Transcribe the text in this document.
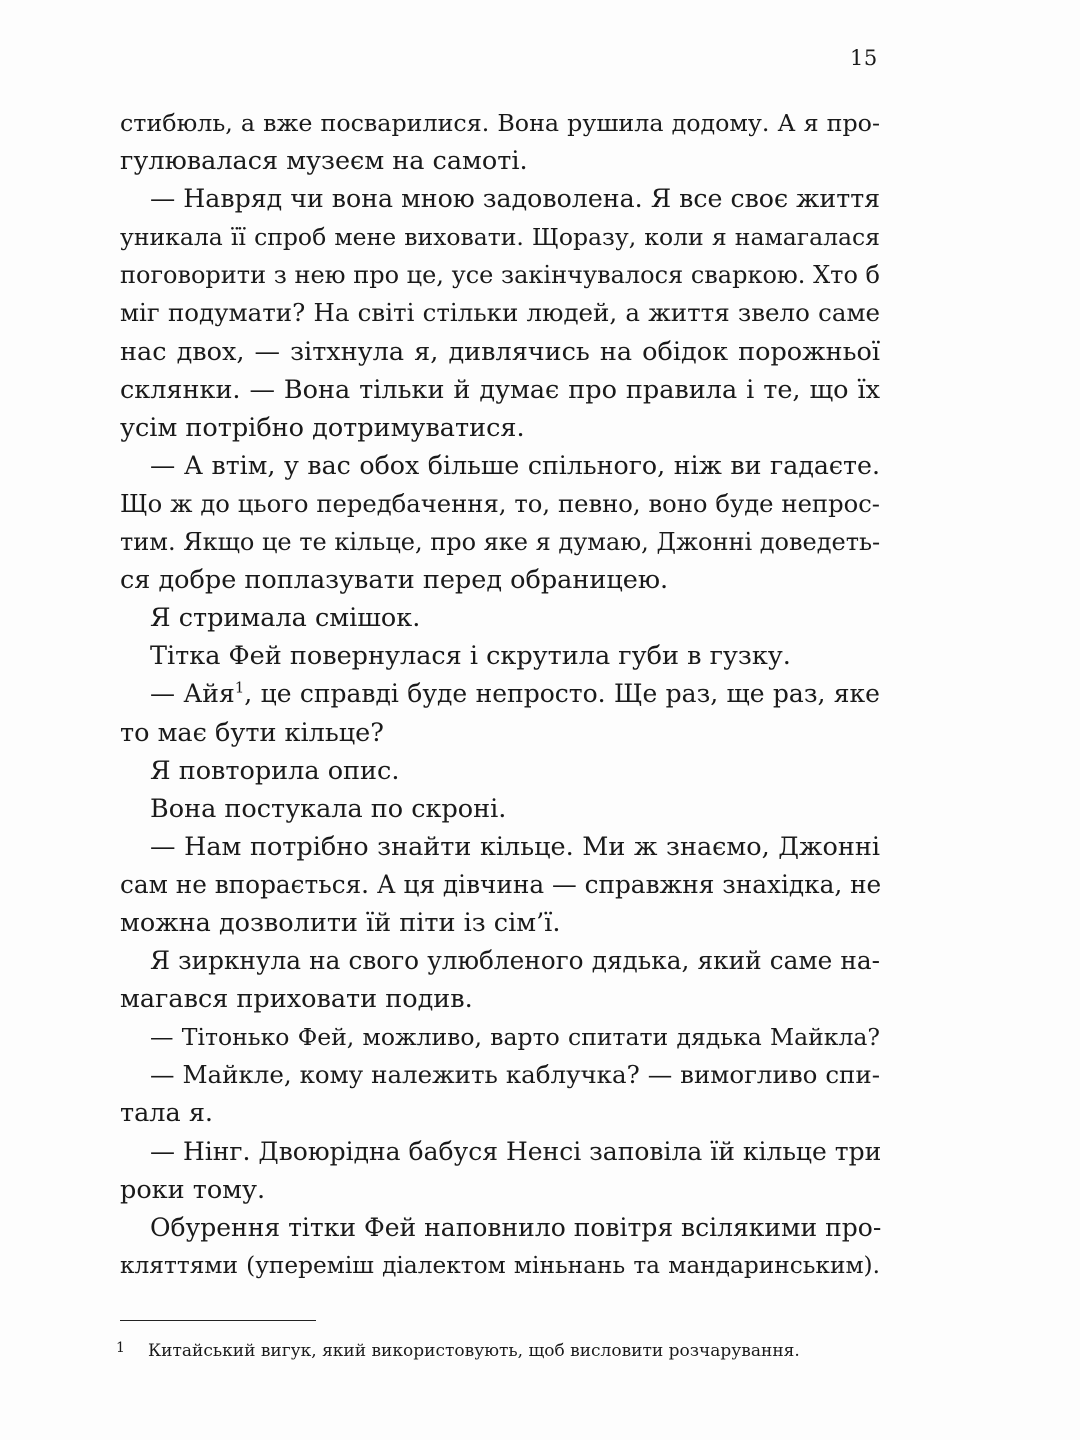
15
стибюль, а вже посварилися. Вона рушила додому. А я про-
гулювалася музеєм на самоті.
— Навряд чи вона мною задоволена. Я все своє життя
уникала її спроб мене виховати. Щоразу, коли я намагалася
поговорити з нею про це, усе закінчувалося сваркою. Хто б
міг подумати? На світі стільки людей, а життя звело саме
нас двох, — зітхнула я, дивлячись на обідок порожньої
склянки. — Вона тільки й думає про правила і те, що їх
усім потрібно дотримуватися.
— А втім, у вас обох більше спільного, ніж ви гадаєте.
Що ж до цього передбачення, то, певно, воно буде непрос-
тим. Якщо це те кільце, про яке я думаю, Джонні доведеть-
ся добре поплазувати перед обраницею.
Я стримала смішок.
Тітка Фей повернулася і скрутила губи в гузку.
— Айя$^1$, це справді буде непросто. Ще раз, ще раз, яке
то має бути кільце?
Я повторила опис.
Вона постукала по скроні.
— Нам потрібно знайти кільце. Ми ж знаємо, Джонні
сам не впорається. А ця дівчина — справжня знахідка, не
можна дозволити їй піти із сім’ї.
Я зиркнула на свого улюбленого дядька, який саме на-
магався приховати подив.
— Тітонько Фей, можливо, варто спитати дядька Майкла?
— Майкле, кому належить каблучка? — вимогливо спи-
тала я.
— Нінг. Двоюрідна бабуся Ненсі заповіла їй кільце три
роки тому.
Обурення тітки Фей наповнило повітря всілякими про-
кляттями (упереміш діалектом міньнань та мандаринським).
1 Китайський вигук, який використовують, щоб висловити розчарування.
